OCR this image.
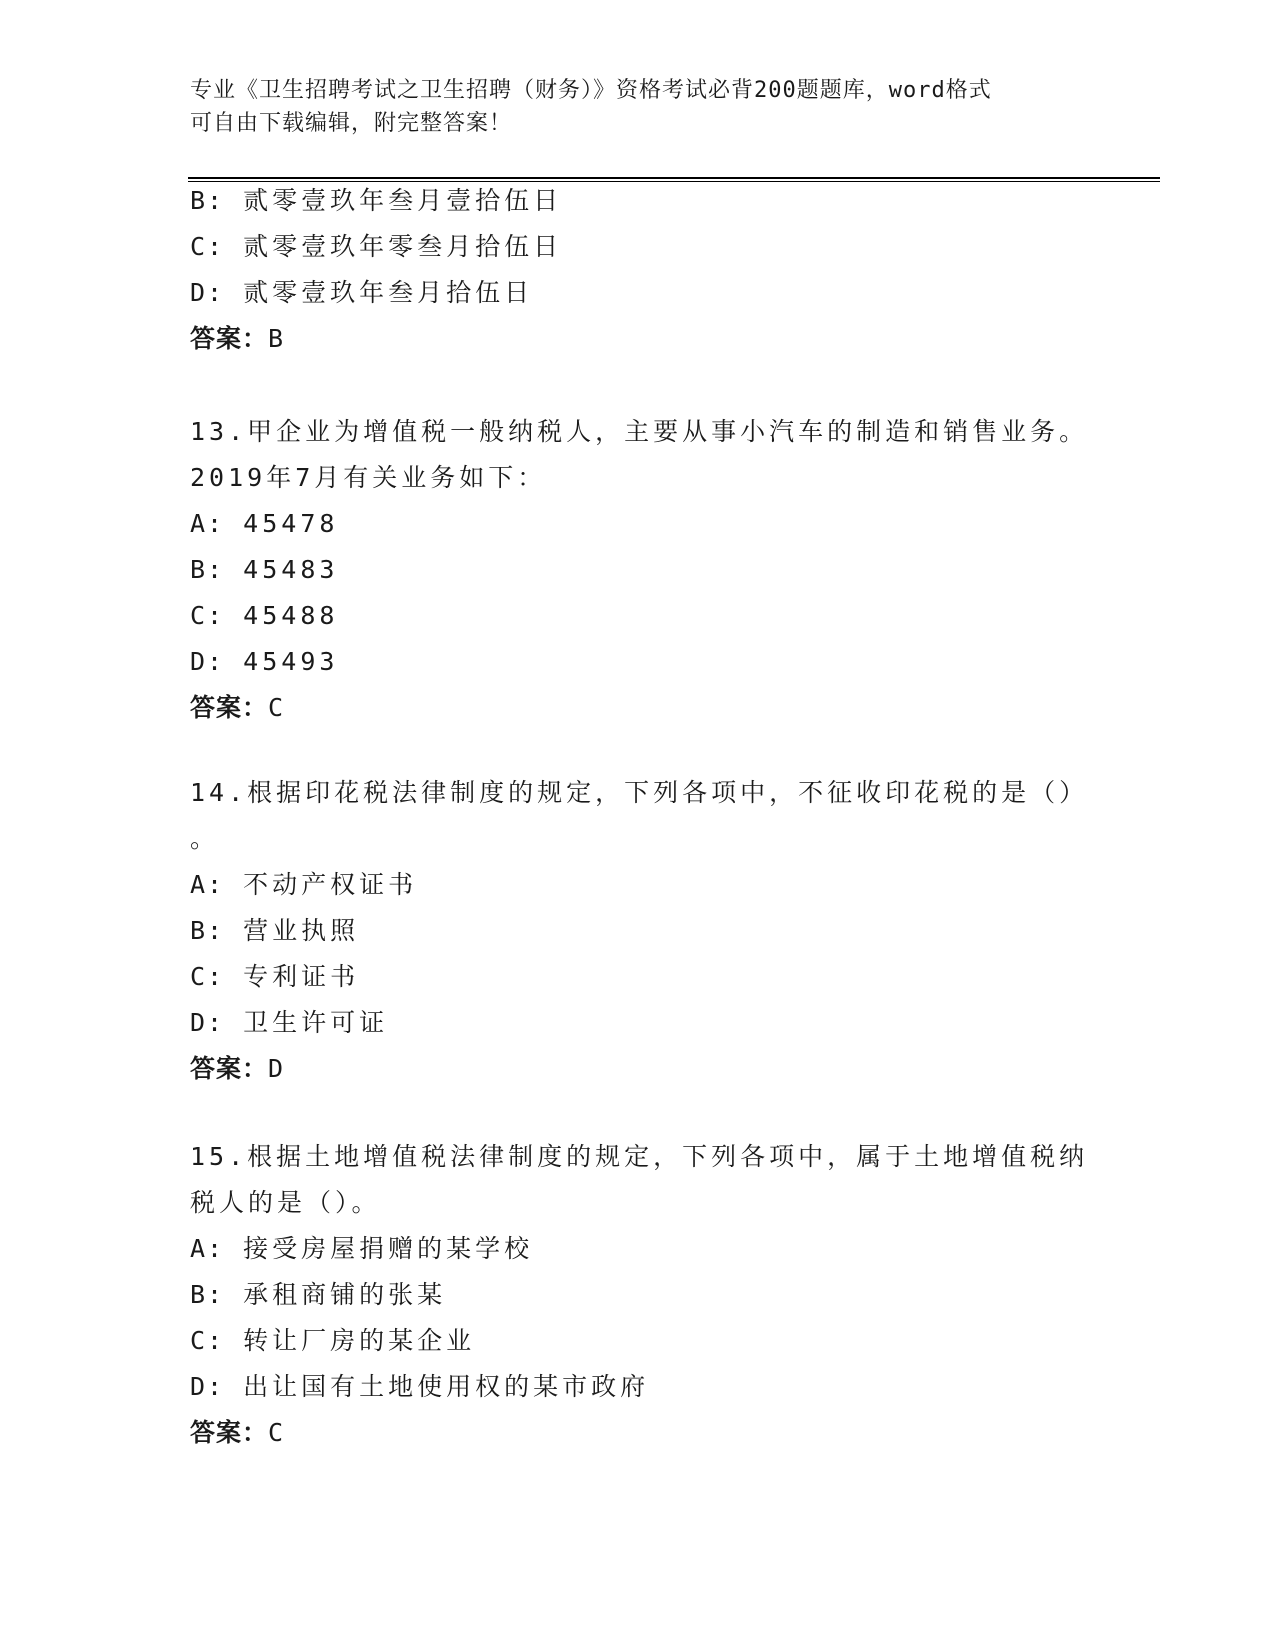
专业《卫生招聘考试之卫生招聘（财务）》资格考试必背200题题库，word格式
可自由下载编辑，附完整答案！
B: 贰零壹玖年叁月壹拾伍日
C: 贰零壹玖年零叁月拾伍日
D: 贰零壹玖年叁月拾伍日
答案：B
13.甲企业为增值税一般纳税人，主要从事小汽车的制造和销售业务。
2019年7月有关业务如下：
A: 45478
B: 45483
C: 45488
D: 45493
答案：C
14.根据印花税法律制度的规定，下列各项中，不征收印花税的是（）
。
A: 不动产权证书
B: 营业执照
C: 专利证书
D: 卫生许可证
答案：D
15.根据土地增值税法律制度的规定，下列各项中，属于土地增值税纳
税人的是（）。
A: 接受房屋捐赠的某学校
B: 承租商铺的张某
C: 转让厂房的某企业
D: 出让国有土地使用权的某市政府
答案：C
